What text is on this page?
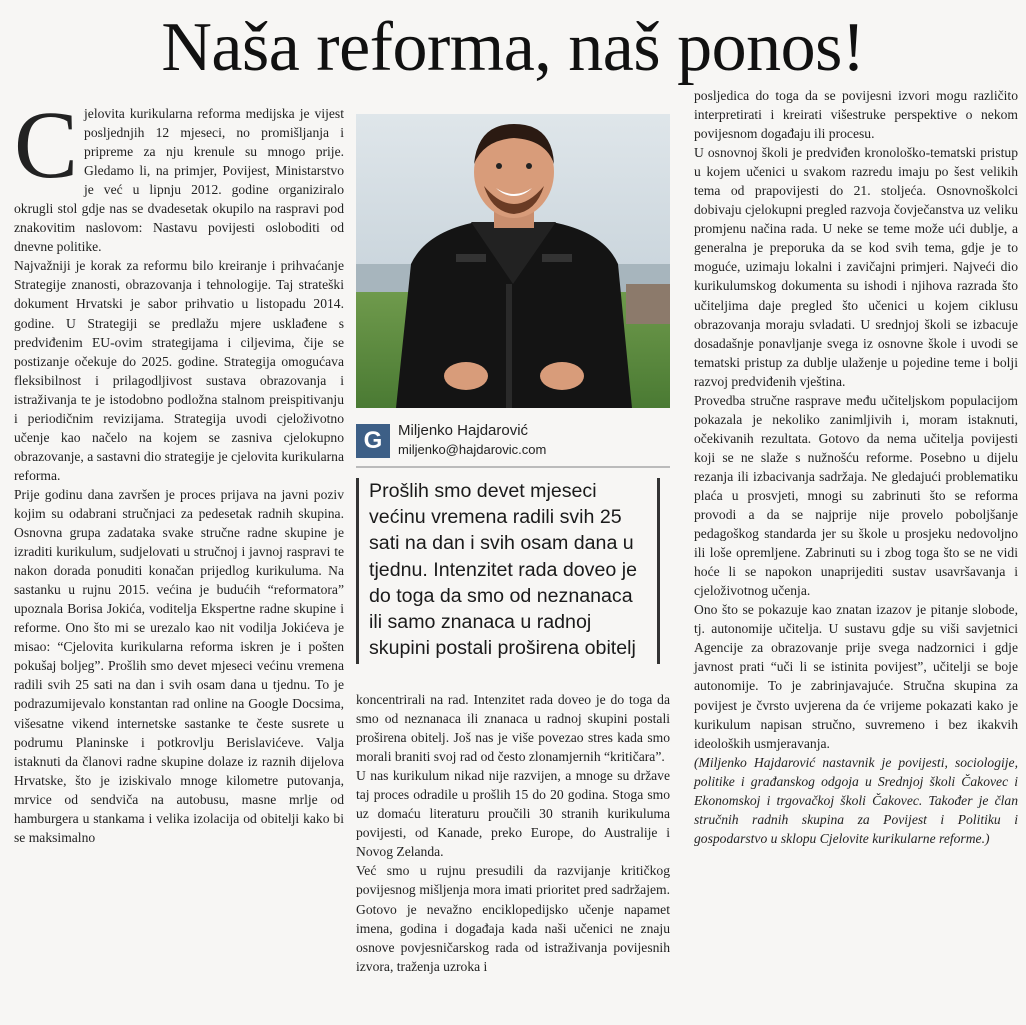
Naša reforma, naš ponos!

Cjelovita kurikularna reforma medijska je vijest posljednjih 12 mjeseci, no promišljanja i pripreme za nju krenule su mnogo prije. Gledamo li, na primjer, Povijest, Ministarstvo je već u lipnju 2012. godine organiziralo okrugli stol gdje nas se dvadesetak okupilo na raspravi pod znakovitim naslovom: Nastavu povijesti osloboditi od dnevne politike.

Najvažniji je korak za reformu bilo kreiranje i prihvaćanje Strategije znanosti, obrazovanja i tehnologije. Taj strateški dokument Hrvatski je sabor prihvatio u listopadu 2014. godine. U Strategiji se predlažu mjere usklađene s predviđenim EU-ovim strategijama i ciljevima, čije se postizanje očekuje do 2025. godine. Strategija omogućava fleksibilnost i prilagodljivost sustava obrazovanja i istraživanja te je istodobno podložna stalnom preispitivanju i periodičnim revizijama. Strategija uvodi cjeloživotno učenje kao načelo na kojem se zasniva cjelokupno obrazovanje, a sastavni dio strategije je cjelovita kurikularna reforma.

Prije godinu dana završen je proces prijava na javni poziv kojim su odabrani stručnjaci za pedesetak radnih skupina. Osnovna grupa zadataka svake stručne radne skupine je izraditi kurikulum, sudjelovati u stručnoj i javnoj raspravi te nakon dorada ponuditi konačan prijedlog kurikuluma. Na sastanku u rujnu 2015. većina je budućih “reformatora” upoznala Borisa Jokića, voditelja Ekspertne radne skupine i reforme. Ono što mi se urezalo kao nit vodilja Jokićeva je misao: “Cjelovita kurikularna reforma iskren je i pošten pokušaj boljeg”. Prošlih smo devet mjeseci većinu vremena radili svih 25 sati na dan i svih osam dana u tjednu. To je podrazumijevalo konstantan rad online na Google Docsima, višesatne vikend internetske sastanke te česte susrete u podrumu Planinske i potkrovlju Berislavićeve. Valja istaknuti da članovi radne skupine dolaze iz raznih dijelova Hrvatske, što je iziskivalo mnoge kilometre putovanja, mrvice od sendviča na autobusu, masne mrlje od hamburgera u stankama i velika izolacija od obitelji kako bi se maksimalno

G	Miljenko Hajdarović
miljenko@hajdarovic.com
Prošlih smo devet mjeseci većinu vremena radili svih 25 sati na dan i svih osam dana u tjednu. Intenzitet rada doveo je do toga da smo od neznanaca ili samo znanaca u radnoj skupini postali proširena obitelj

koncentrirali na rad. Intenzitet rada doveo je do toga da smo od neznanaca ili znanaca u radnoj skupini postali proširena obitelj. Još nas je više povezao stres kada smo morali braniti svoj rad od često zlonamjernih “kritičara”.

U nas kurikulum nikad nije razvijen, a mnoge su države taj proces odradile u prošlih 15 do 20 godina. Stoga smo uz domaću literaturu proučili 30 stranih kurikuluma povijesti, od Kanade, preko Europe, do Australije i Novog Zelanda.

Već smo u rujnu presudili da razvijanje kritičkog povijesnog mišljenja mora imati prioritet pred sadržajem. Gotovo je nevažno enciklopedijsko učenje napamet imena, godina i događaja kada naši učenici ne znaju osnove povjesničarskog rada od istraživanja povijesnih izvora, traženja uzroka i

posljedica do toga da se povijesni izvori mogu različito interpretirati i kreirati višestruke perspektive o nekom povijesnom događaju ili procesu.

U osnovnoj školi je predviđen kronološko-tematski pristup u kojem učenici u svakom razredu imaju po šest velikih tema od prapovijesti do 21. stoljeća. Osnovnoškolci dobivaju cjelokupni pregled razvoja čovječanstva uz veliku promjenu načina rada. U neke se teme može ući dublje, a generalna je preporuka da se kod svih tema, gdje je to moguće, uzimaju lokalni i zavičajni primjeri. Najveći dio kurikulumskog dokumenta su ishodi i njihova razrada što učiteljima daje pregled što učenici u kojem ciklusu obrazovanja moraju svladati. U srednjoj školi se izbacuje dosadašnje ponavljanje svega iz osnovne škole i uvodi se tematski pristup za dublje ulaženje u pojedine teme i bolji razvoj predviđenih vještina.

Provedba stručne rasprave među učiteljskom populacijom pokazala je nekoliko zanimljivih i, moram istaknuti, očekivanih rezultata. Gotovo da nema učitelja povijesti koji se ne slaže s nužnošću reforme. Posebno u dijelu rezanja ili izbacivanja sadržaja. Ne gledajući problematiku plaća u prosvjeti, mnogi su zabrinuti što se reforma provodi a da se najprije nije provelo poboljšanje pedagoškog standarda jer su škole u prosjeku nedovoljno ili loše opremljene. Zabrinuti su i zbog toga što se ne vidi hoće li se napokon unaprijediti sustav usavršavanja i cjeloživotnog učenja.

Ono što se pokazuje kao znatan izazov je pitanje slobode, tj. autonomije učitelja. U sustavu gdje su viši savjetnici Agencije za obrazovanje prije svega nadzornici i gdje javnost prati “uči li se istinita povijest”, učitelji se boje autonomije. To je zabrinjavajuće. Stručna skupina za povijest je čvrsto uvjerena da će vrijeme pokazati kako je kurikulum napisan stručno, suvremeno i bez ikakvih ideoloških usmjeravanja.

(Miljenko Hajdarović nastavnik je povijesti, sociologije, politike i građanskog odgoja u Srednjoj školi Čakovec i Ekonomskoj i trgovačkoj školi Čakovec. Također je član stručnih radnih skupina za Povijest i Politiku i gospodarstvo u sklopu Cjelovite kurikularne reforme.)
